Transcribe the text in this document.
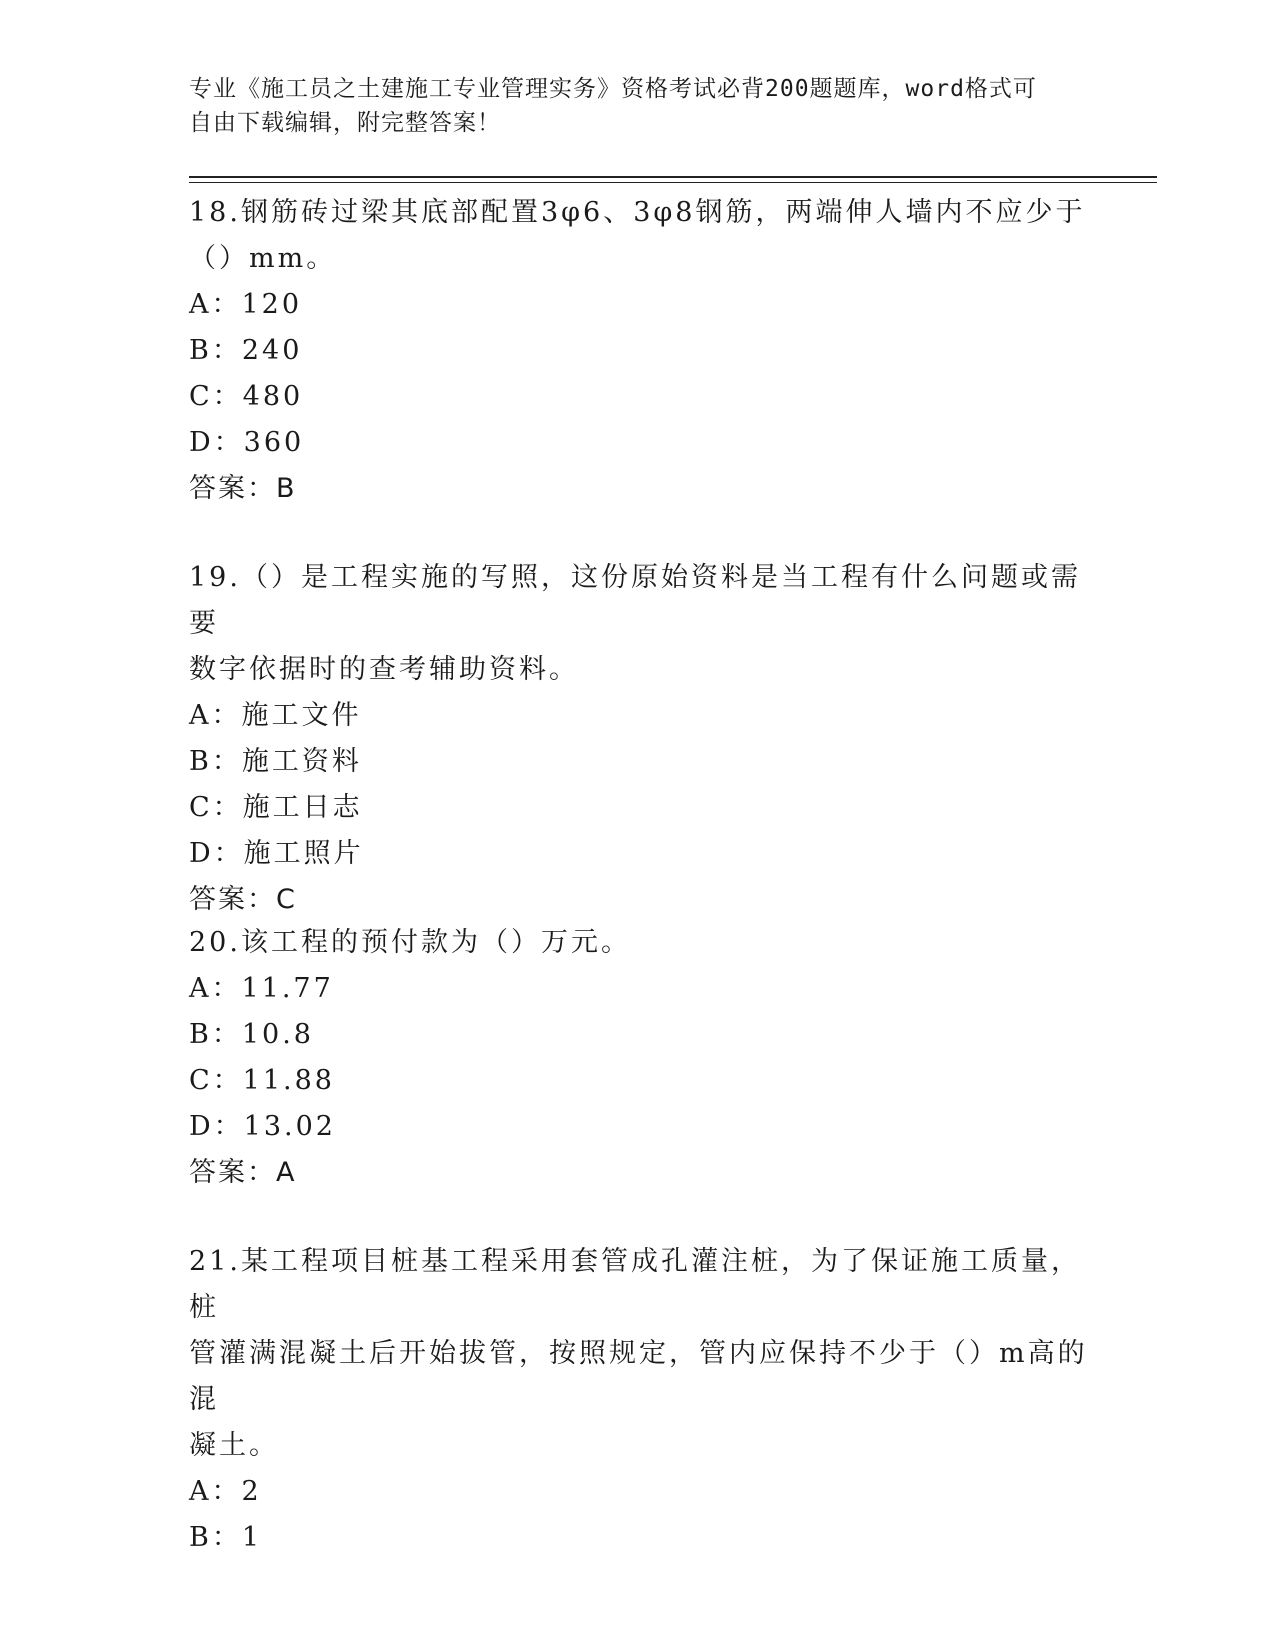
专业《施工员之土建施工专业管理实务》资格考试必背200题题库，word格式可
自由下载编辑，附完整答案！
18.钢筋砖过梁其底部配置3φ6、3φ8钢筋，两端伸人墙内不应少于
（）mm。
A：120
B：240
C：480
D：360
答案：B
19.（）是工程实施的写照，这份原始资料是当工程有什么问题或需要
数字依据时的查考辅助资料。
A：施工文件
B：施工资料
C：施工日志
D：施工照片
答案：C
20.该工程的预付款为（）万元。
A：11.77
B：10.8
C：11.88
D：13.02
答案：A
21.某工程项目桩基工程采用套管成孔灌注桩，为了保证施工质量，桩
管灌满混凝土后开始拔管，按照规定，管内应保持不少于（）m高的混
凝土。
A：2
B：1
